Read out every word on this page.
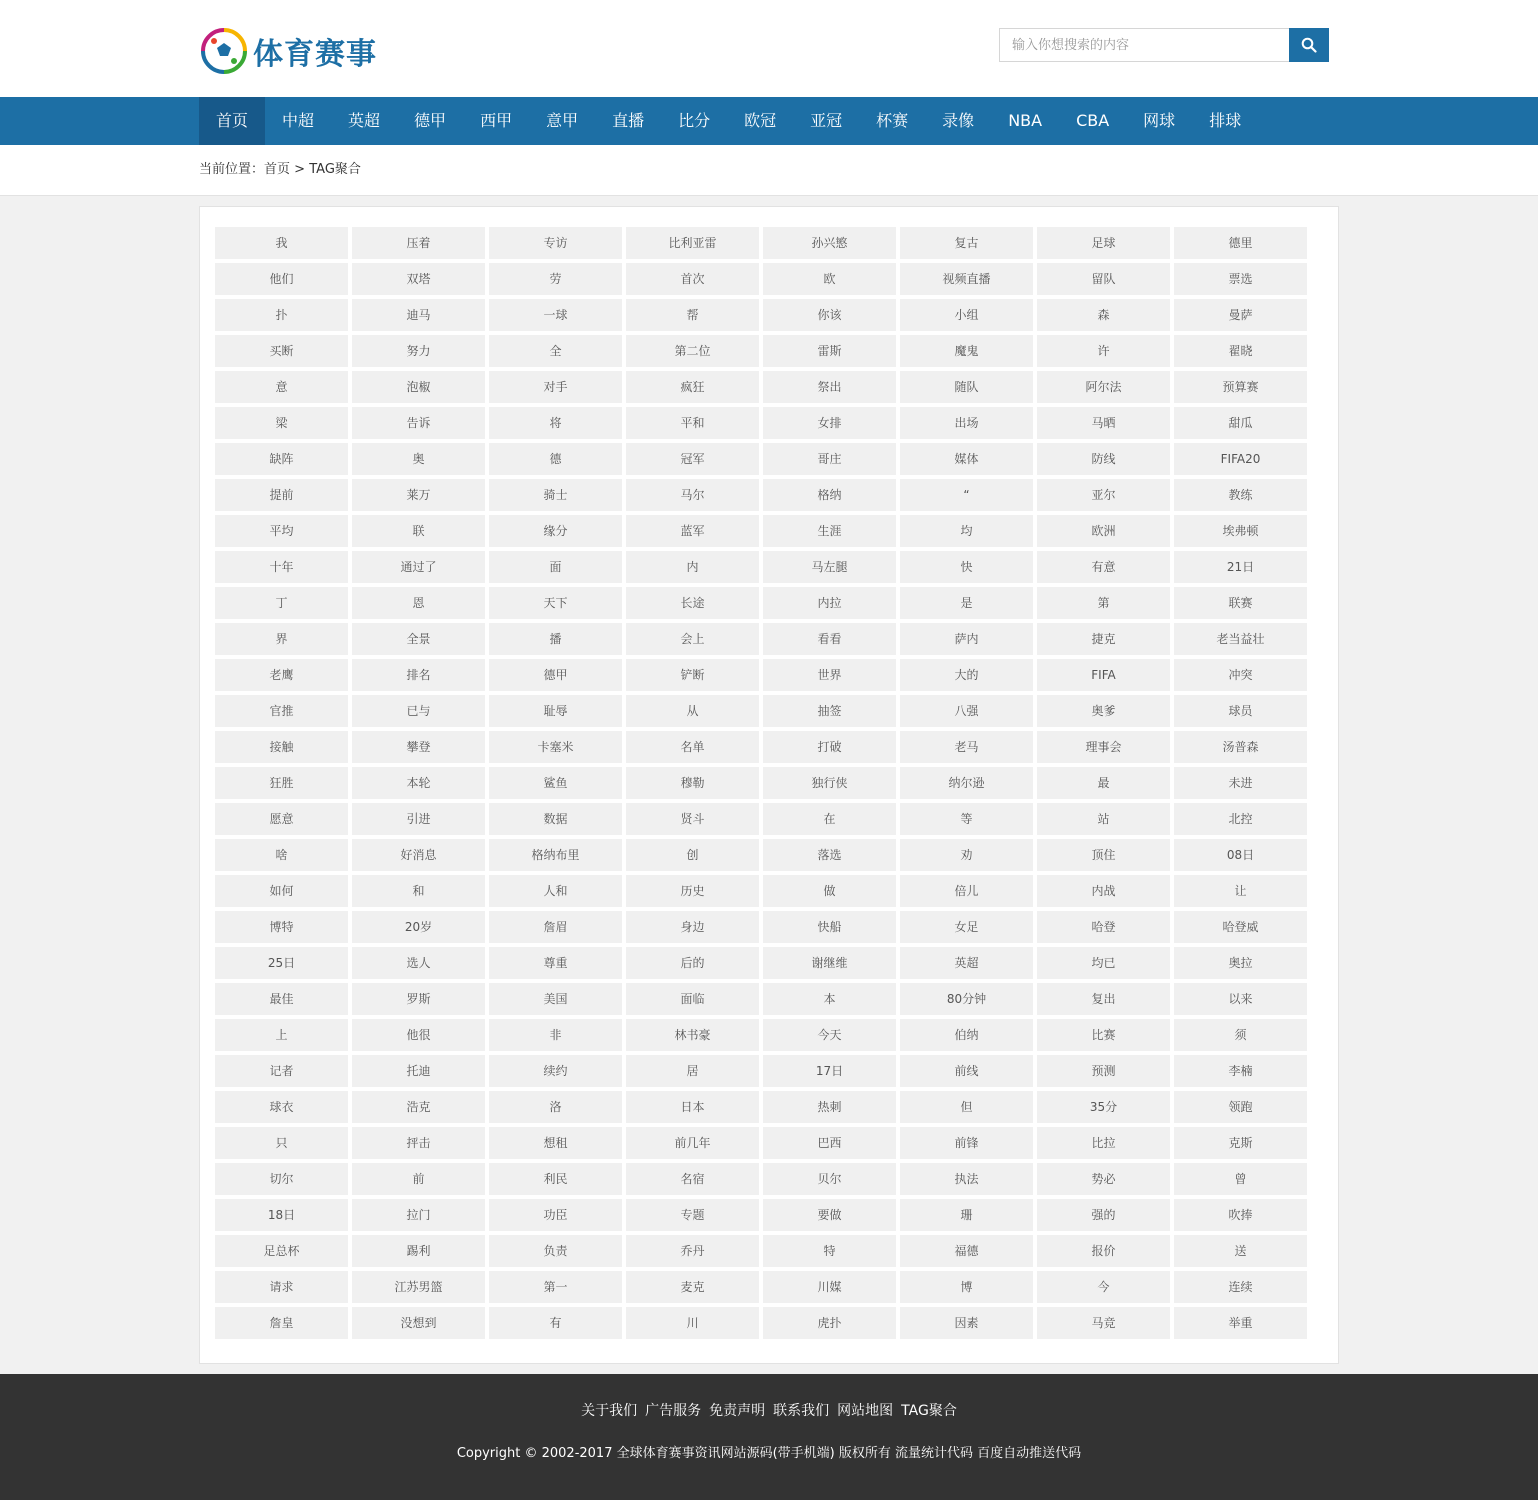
体育赛事
输入你想搜索的内容
首页	中超	英超	德甲	西甲	意甲	直播	比分	欧冠	亚冠	杯赛	录像	NBA	CBA	网球	排球
当前位置：首页 > TAG聚合
我	压着	专访	比利亚雷	孙兴慜	复古	足球	德里
他们	双塔	劳	首次	欧	视频直播	留队	票选
扑	迪马	一球	帮	你该	小组	森	曼萨
买断	努力	全	第二位	雷斯	魔鬼	许	翟晓
意	泡椒	对手	疯狂	祭出	随队	阿尔法	预算赛
梁	告诉	将	平和	女排	出场	马晒	甜瓜
缺阵	奥	德	冠军	哥庄	媒体	防线	FIFA20
提前	莱万	骑士	马尔	格纳	“	亚尔	教练
平均	联	缘分	蓝军	生涯	均	欧洲	埃弗顿
十年	通过了	面	内	马左腿	快	有意	21日
丁	恩	天下	长途	内拉	是	第	联赛
界	全景	播	会上	看看	萨内	捷克	老当益壮
老鹰	排名	德甲	铲断	世界	大的	FIFA	冲突
官推	已与	耻辱	从	抽签	八强	奥爹	球员
接触	攀登	卡塞米	名单	打破	老马	理事会	汤普森
狂胜	本轮	鲨鱼	穆勒	独行侠	纳尔逊	最	未进
愿意	引进	数据	贤斗	在	等	站	北控
啥	好消息	格纳布里	创	落选	劝	顶住	08日
如何	和	人和	历史	做	倍儿	内战	让
博特	20岁	詹眉	身边	快船	女足	哈登	哈登威
25日	选人	尊重	后的	谢继维	英超	均已	奥拉
最佳	罗斯	美国	面临	本	80分钟	复出	以来
上	他很	非	林书豪	今天	伯纳	比赛	须
记者	托迪	续约	居	17日	前线	预测	李楠
球衣	浩克	洛	日本	热刺	但	35分	领跑
只	抨击	想租	前几年	巴西	前锋	比拉	克斯
切尔	前	利民	名宿	贝尔	执法	势必	曾
18日	拉门	功臣	专题	要做	珊	强的	吹捧
足总杯	踢利	负责	乔丹	特	福德	报价	送
请求	江苏男篮	第一	麦克	川媒	博	今	连续
詹皇	没想到	有	川	虎扑	因素	马竞	举重
关于我们 广告服务 免责声明 联系我们 网站地图 TAG聚合
Copyright © 2002-2017 全球体育赛事资讯网站源码(带手机端) 版权所有 流量统计代码 百度自动推送代码
